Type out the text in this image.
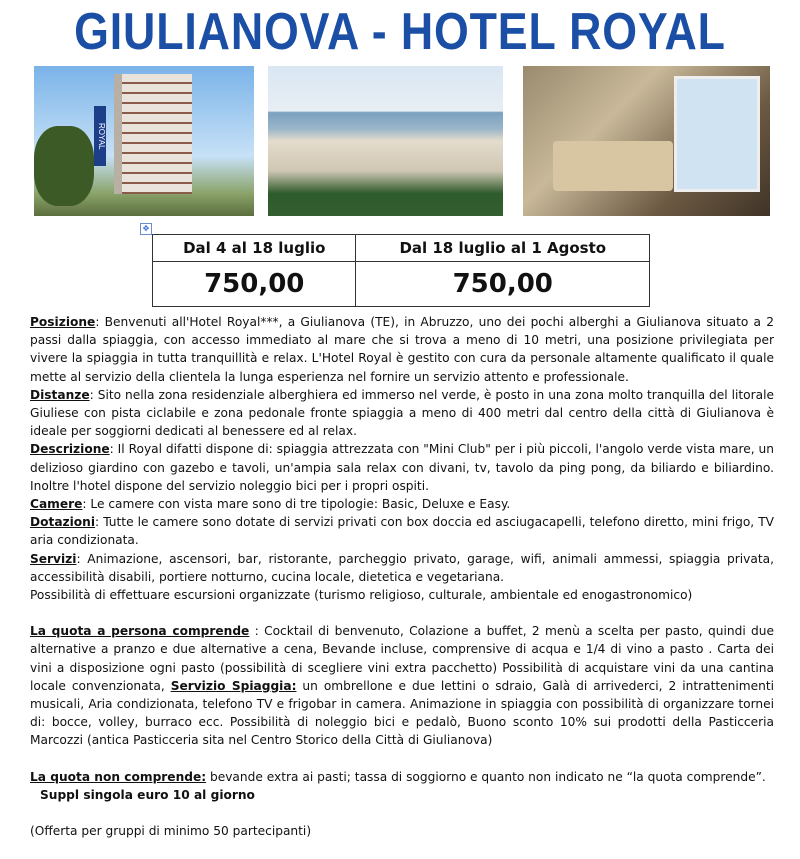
GIULIANOVA - HOTEL ROYAL
ROYAL
✥
Dal 4 al 18 luglio	Dal 18 luglio al 1 Agosto
750,00	750,00

Posizione: Benvenuti all'Hotel Royal***, a Giulianova (TE), in Abruzzo, uno dei pochi alberghi a Giulianova situato a 2 passi dalla spiaggia, con accesso immediato al mare che si trova a meno di 10 metri, una posizione privilegiata per vivere la spiaggia in tutta tranquillità e relax. L'Hotel Royal è gestito con cura da personale altamente qualificato il quale mette al servizio della clientela la lunga esperienza nel fornire un servizio attento e professionale.

Distanze: Sito nella zona residenziale alberghiera ed immerso nel verde, è posto in una zona molto tranquilla del litorale Giuliese con pista ciclabile e zona pedonale fronte spiaggia a meno di 400 metri dal centro della città di Giulianova è ideale per soggiorni dedicati al benessere ed al relax.

Descrizione: Il Royal difatti dispone di: spiaggia attrezzata con "Mini Club" per i più piccoli, l'angolo verde vista mare, un delizioso giardino con gazebo e tavoli, un'ampia sala relax con divani, tv, tavolo da ping pong, da biliardo e biliardino. Inoltre l'hotel dispone del servizio noleggio bici per i propri ospiti.

Camere: Le camere con vista mare sono di tre tipologie: Basic, Deluxe e Easy.

Dotazioni: Tutte le camere sono dotate di servizi privati con box doccia ed asciugacapelli, telefono diretto, mini frigo, TV aria condizionata.

Servizi: Animazione, ascensori, bar, ristorante, parcheggio privato, garage, wifi, animali ammessi, spiaggia privata, accessibilità disabili, portiere notturno, cucina locale, dietetica e vegetariana.

Possibilità di effettuare escursioni organizzate (turismo religioso, culturale, ambientale ed enogastronomico)

La quota a persona comprende : Cocktail di benvenuto, Colazione a buffet, 2 menù a scelta per pasto, quindi due alternative a pranzo e due alternative a cena, Bevande incluse, comprensive di acqua e 1/4 di vino a pasto . Carta dei vini a disposizione ogni pasto (possibilità di scegliere vini extra pacchetto) Possibilità di acquistare vini da una cantina locale convenzionata, Servizio Spiaggia: un ombrellone e due lettini o sdraio, Galà di arrivederci, 2 intrattenimenti musicali, Aria condizionata, telefono TV e frigobar in camera. Animazione in spiaggia con possibilità di organizzare tornei di: bocce, volley, burraco ecc. Possibilità di noleggio bici e pedalò, Buono sconto 10% sui prodotti della Pasticceria Marcozzi (antica Pasticceria sita nel Centro Storico della Città di Giulianova)

La quota non comprende: bevande extra ai pasti; tassa di soggiorno e quanto non indicato ne “la quota comprende”.

Suppl singola euro 10 al giorno

(Offerta per gruppi di minimo 50 partecipanti)
